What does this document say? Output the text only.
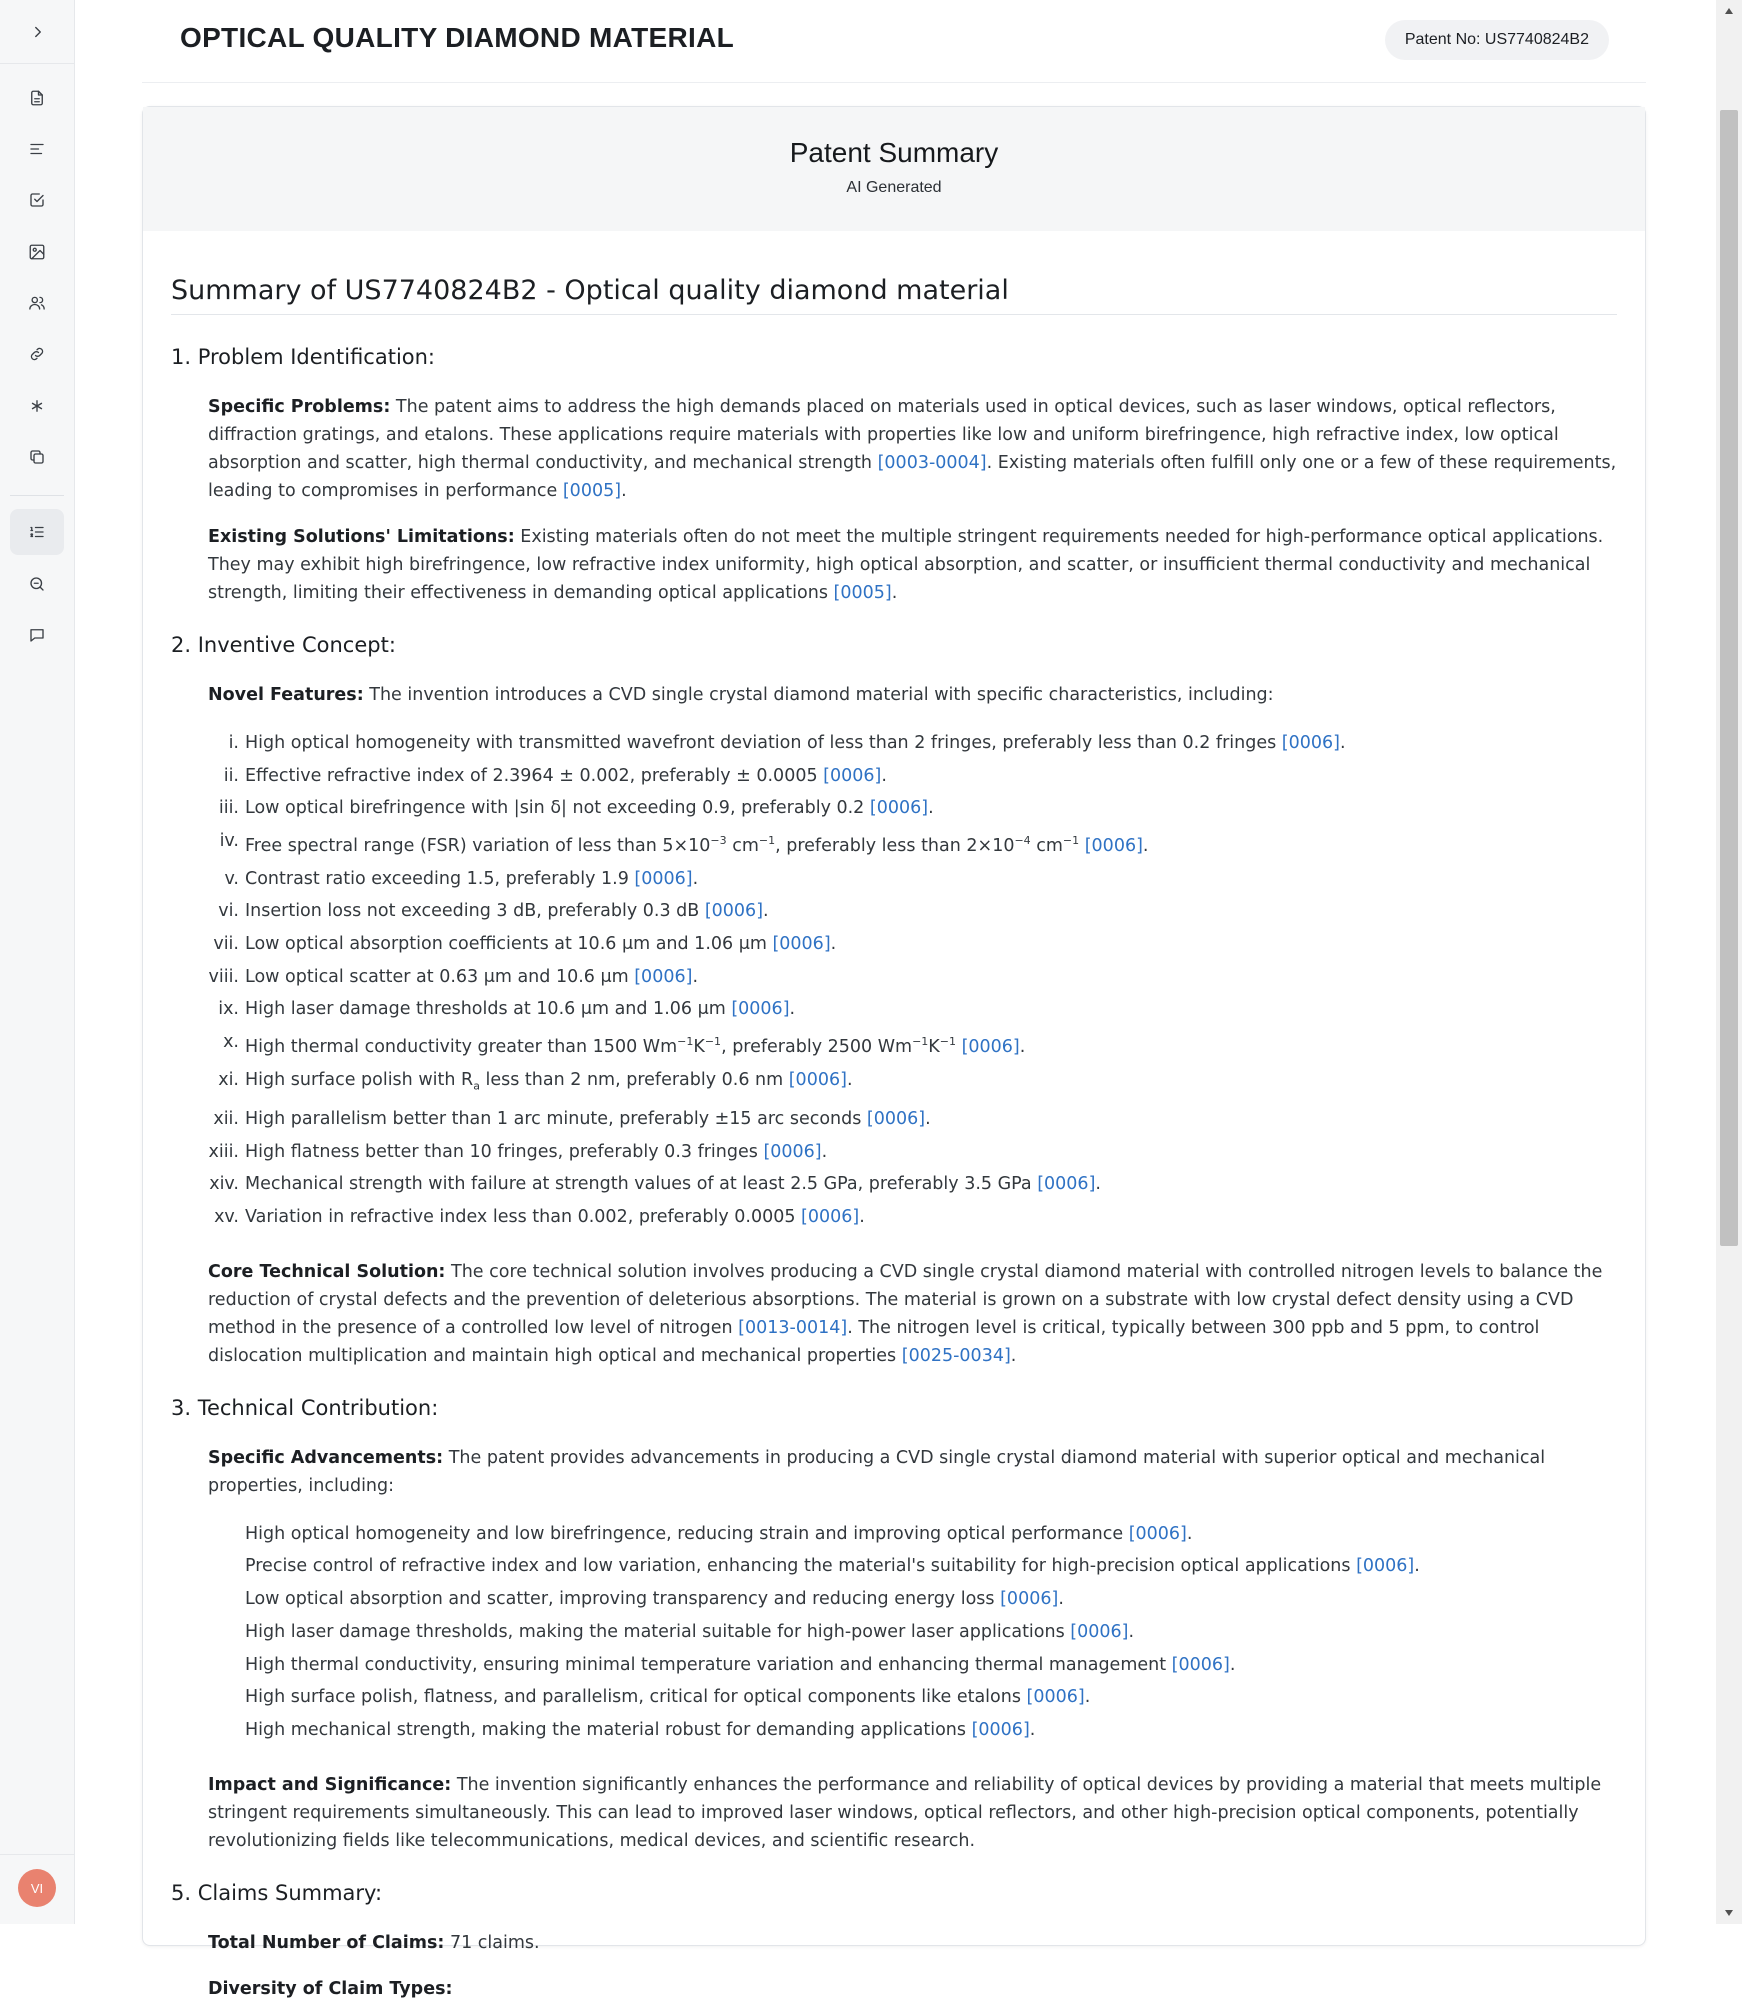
VI
OPTICAL QUALITY DIAMOND MATERIAL	Patent No: US7740824B2
Patent Summary
AI Generated
Summary of US7740824B2 - Optical quality diamond material
1. Problem Identification:

Specific Problems: The patent aims to address the high demands placed on materials used in optical devices, such as laser windows, optical reflectors, diffraction gratings, and etalons. These applications require materials with properties like low and uniform birefringence, high refractive index, low optical absorption and scatter, high thermal conductivity, and mechanical strength [0003-0004]. Existing materials often fulfill only one or a few of these requirements, leading to compromises in performance [0005].

Existing Solutions' Limitations: Existing materials often do not meet the multiple stringent requirements needed for high-performance optical applications. They may exhibit high birefringence, low refractive index uniformity, high optical absorption, and scatter, or insufficient thermal conductivity and mechanical strength, limiting their effectiveness in demanding optical applications [0005].

2. Inventive Concept:

Novel Features: The invention introduces a CVD single crystal diamond material with specific characteristics, including:

i. High optical homogeneity with transmitted wavefront deviation of less than 2 fringes, preferably less than 0.2 fringes [0006].
ii. Effective refractive index of 2.3964 ± 0.002, preferably ± 0.0005 [0006].
iii. Low optical birefringence with |sin δ| not exceeding 0.9, preferably 0.2 [0006].
iv. Free spectral range (FSR) variation of less than $5\times 10^{-3}$ $cm^{-1}$, preferably less than $2\times 10^{-4}$ $cm^{-1}$ [0006].
v. Contrast ratio exceeding 1.5, preferably 1.9 [0006].
vi. Insertion loss not exceeding 3 dB, preferably 0.3 dB [0006].
vii. Low optical absorption coefficients at 10.6 μm and 1.06 μm [0006].
viii. Low optical scatter at 0.63 μm and 10.6 μm [0006].
ix. High laser damage thresholds at 10.6 μm and 1.06 μm [0006].
x. High thermal conductivity greater than 1500 $Wm^{-1}K^{-1}$, preferably 2500 $Wm^{-1}K^{-1}$ [0006].
xi. High surface polish with $R_a$ less than 2 nm, preferably 0.6 nm [0006].
xii. High parallelism better than 1 arc minute, preferably ±15 arc seconds [0006].
xiii. High flatness better than 10 fringes, preferably 0.3 fringes [0006].
xiv. Mechanical strength with failure at strength values of at least 2.5 GPa, preferably 3.5 GPa [0006].
xv. Variation in refractive index less than 0.002, preferably 0.0005 [0006].

Core Technical Solution: The core technical solution involves producing a CVD single crystal diamond material with controlled nitrogen levels to balance the reduction of crystal defects and the prevention of deleterious absorptions. The material is grown on a substrate with low crystal defect density using a CVD method in the presence of a controlled low level of nitrogen [0013-0014]. The nitrogen level is critical, typically between 300 ppb and 5 ppm, to control dislocation multiplication and maintain high optical and mechanical properties [0025-0034].

3. Technical Contribution:

Specific Advancements: The patent provides advancements in producing a CVD single crystal diamond material with superior optical and mechanical properties, including:

High optical homogeneity and low birefringence, reducing strain and improving optical performance [0006].
Precise control of refractive index and low variation, enhancing the material's suitability for high-precision optical applications [0006].
Low optical absorption and scatter, improving transparency and reducing energy loss [0006].
High laser damage thresholds, making the material suitable for high-power laser applications [0006].
High thermal conductivity, ensuring minimal temperature variation and enhancing thermal management [0006].
High surface polish, flatness, and parallelism, critical for optical components like etalons [0006].
High mechanical strength, making the material robust for demanding applications [0006].

Impact and Significance: The invention significantly enhances the performance and reliability of optical devices by providing a material that meets multiple stringent requirements simultaneously. This can lead to improved laser windows, optical reflectors, and other high-precision optical components, potentially revolutionizing fields like telecommunications, medical devices, and scientific research.

5. Claims Summary:

Total Number of Claims: 71 claims.

Diversity of Claim Types:
